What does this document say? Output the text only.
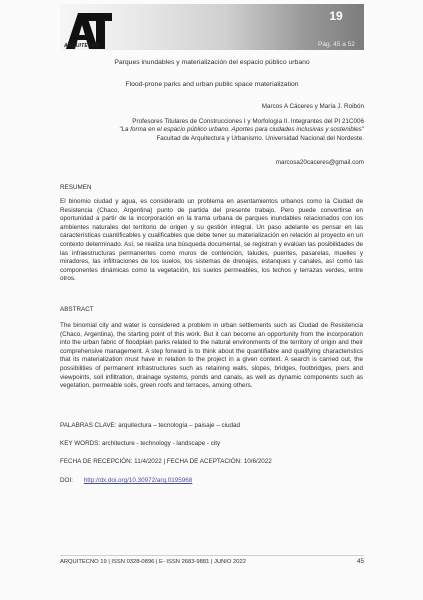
ARQUITECNO
19
Pág. 45 a 52
Parques inundables y materialización del espacio público urbano
Flood-prone parks and urban public space materialization
Marcos A Cáceres y María J. Roibón
Profesores Titulares de Construcciones I y Morfología II. Integrantes del PI 21C006
"La forma en el espacio público urbano. Aportes para ciudades inclusivas y sostenibles"
Facultad de Arquitectura y Urbanismo. Universidad Nacional del Nordeste.
marcosa20caceres@gmail.com
RESUMEN
El binomio ciudad y agua, es considerado un problema en asentamientos urbanos como la Ciudad de Resistencia (Chaco, Argentina) punto de partida del presente trabajo. Pero puede convertirse en oportunidad a partir de la incorporación en la trama urbana de parques inundables relacionados con los ambientes naturales del territorio de origen y su gestión integral. Un paso adelante es pensar en las características cuantificables y cualificables que debe tener su materialización en relación al proyecto en un contexto determinado. Así, se realiza una búsqueda documental, se registran y evalúan las posibilidades de las infraestructuras permanentes como muros de contención, taludes, puentes, pasarelas, muelles y miradores, las infiltraciones de los suelos, los sistemas de drenajes, estanques y canales, así como las componentes dinámicas como la vegetación, los suelos permeables, los techos y terrazas verdes, entre otros.
ABSTRACT
The binomial city and water is considered a problem in urban settlements such as Ciudad de Resistencia (Chaco, Argentina), the starting point of this work. But it can become an opportunity from the incorporation into the urban fabric of floodplain parks related to the natural environments of the territory of origin and their comprehensive management. A step forward is to think about the quantifiable and qualifying characteristics that its materialization must have in relation to the project in a given context. A search is carried out, the possibilities of permanent infrastructures such as retaining walls, slopes, bridges, footbridges, piers and viewpoints, soil infiltration, drainage systems, ponds and canals, as well as dynamic components such as vegetation, permeable soils, green roofs and terraces, among others.
PALABRAS CLAVE: arquitectura – tecnología – paisaje – ciudad
KEY WORDS: architecture - technology - landscape - city
FECHA DE RECEPCIÓN: 11/4/2022 | FECHA DE ACEPTACIÓN: 10/6/2022
DOI: http://dx.doi.org/10.30972/arq.0195968
ARQUITECNO 19 | ISSN 0328-0896 | E- ISSN 2683-9881 | JUNIO 2022	45
